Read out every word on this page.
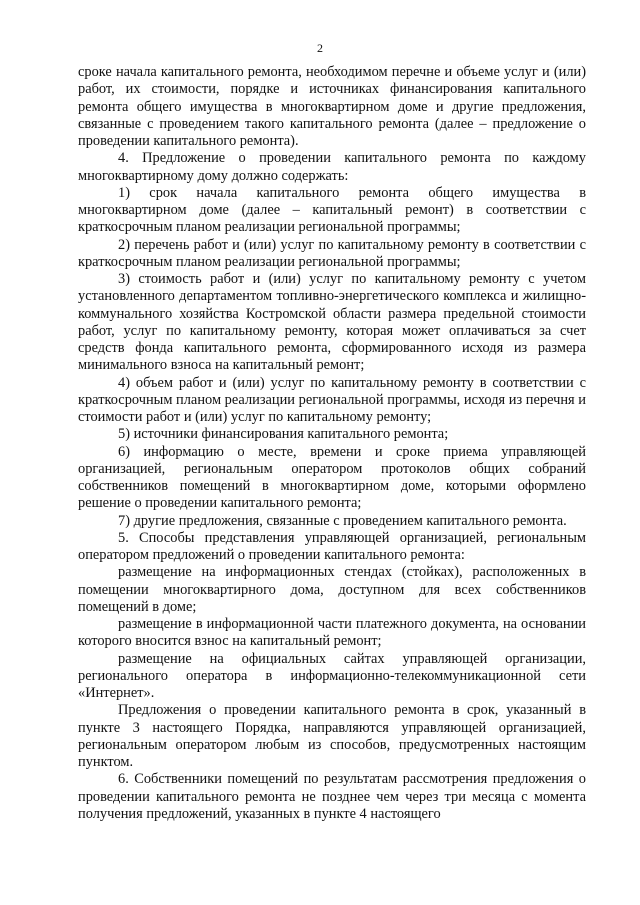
2

сроке начала капитального ремонта, необходимом перечне и объеме услуг и (или) работ, их стоимости, порядке и источниках финансирования капитального ремонта общего имущества в многоквартирном доме и другие предложения, связанные с проведением такого капитального ремонта (далее – предложение о проведении капитального ремонта).

4. Предложение о проведении капитального ремонта по каждому многоквартирному дому должно содержать:

1) срок начала капитального ремонта общего имущества в многоквартирном доме (далее – капитальный ремонт) в соответствии с краткосрочным планом реализации региональной программы;

2) перечень работ и (или) услуг по капитальному ремонту в соответствии с краткосрочным планом реализации региональной программы;

3) стоимость работ и (или) услуг по капитальному ремонту с учетом установленного департаментом топливно-энергетического комплекса и жилищно-коммунального хозяйства Костромской области размера предельной стоимости работ, услуг по капитальному ремонту, которая может оплачиваться за счет средств фонда капитального ремонта, сформированного исходя из размера минимального взноса на капитальный ремонт;

4) объем работ и (или) услуг по капитальному ремонту в соответствии с краткосрочным планом реализации региональной программы, исходя из перечня и стоимости работ и (или) услуг по капитальному ремонту;

5) источники финансирования капитального ремонта;

6) информацию о месте, времени и сроке приема управляющей организацией, региональным оператором протоколов общих собраний собственников помещений в многоквартирном доме, которыми оформлено решение о проведении капитального ремонта;

7) другие предложения, связанные с проведением капитального ремонта.

5. Способы представления управляющей организацией, региональным оператором предложений о проведении капитального ремонта:

размещение на информационных стендах (стойках), расположенных в помещении многоквартирного дома, доступном для всех собственников помещений в доме;

размещение в информационной части платежного документа, на основании которого вносится взнос на капитальный ремонт;

размещение на официальных сайтах управляющей организации, регионального оператора в информационно-телекоммуникационной сети «Интернет».

Предложения о проведении капитального ремонта в срок, указанный в пункте 3 настоящего Порядка, направляются управляющей организацией, региональным оператором любым из способов, предусмотренных настоящим пунктом.

6. Собственники помещений по результатам рассмотрения предложения о проведении капитального ремонта не позднее чем через три месяца с момента получения предложений, указанных в пункте 4 настоящего
